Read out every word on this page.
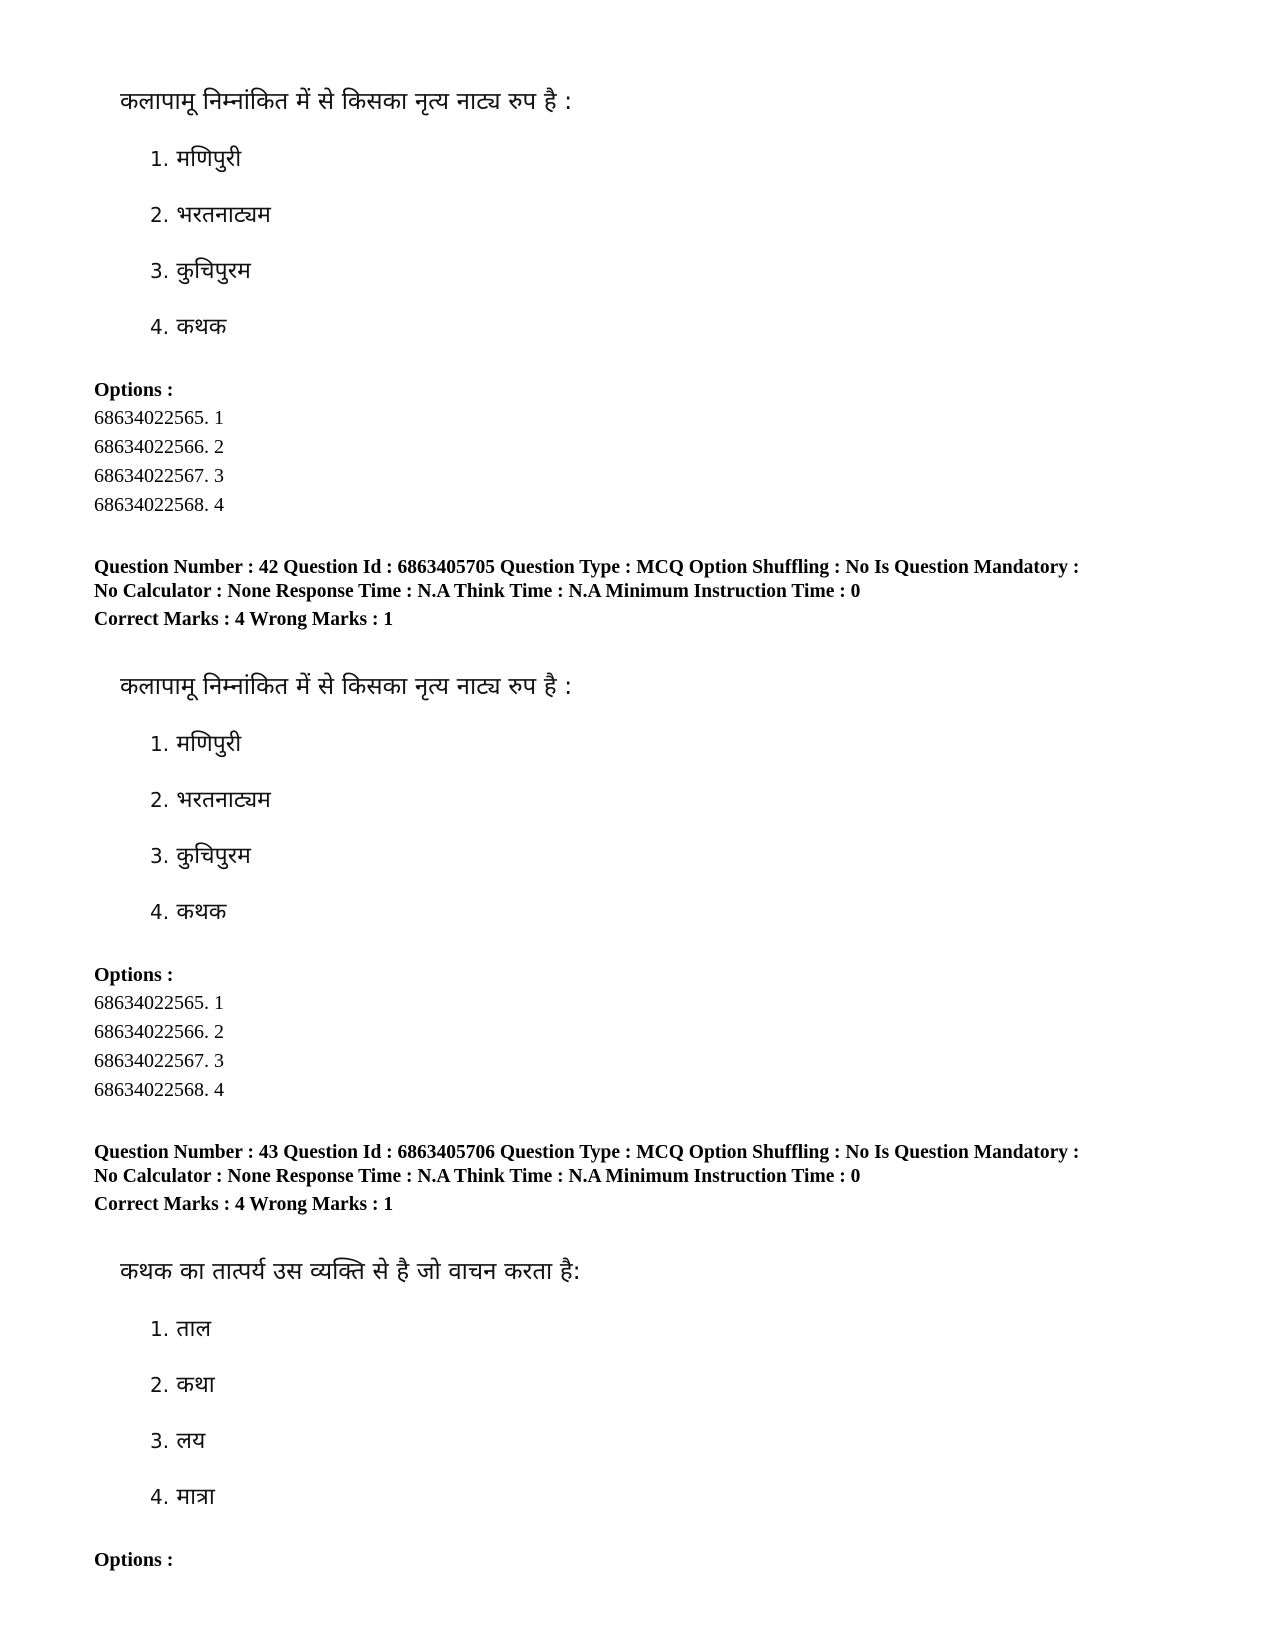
कलापामू निम्नांकित में से किसका नृत्य नाट्य रुप है :
1. मणिपुरी
2. भरतनाट्यम
3. कुचिपुरम
4. कथक
Options :
68634022565. 1
68634022566. 2
68634022567. 3
68634022568. 4
Question Number : 42 Question Id : 6863405705 Question Type : MCQ Option Shuffling : No Is Question Mandatory :
No Calculator : None Response Time : N.A Think Time : N.A Minimum Instruction Time : 0
Correct Marks : 4 Wrong Marks : 1
कलापामू निम्नांकित में से किसका नृत्य नाट्य रुप है :
1. मणिपुरी
2. भरतनाट्यम
3. कुचिपुरम
4. कथक
Options :
68634022565. 1
68634022566. 2
68634022567. 3
68634022568. 4
Question Number : 43 Question Id : 6863405706 Question Type : MCQ Option Shuffling : No Is Question Mandatory :
No Calculator : None Response Time : N.A Think Time : N.A Minimum Instruction Time : 0
Correct Marks : 4 Wrong Marks : 1
कथक का तात्पर्य उस व्यक्ति से है जो वाचन करता है:
1. ताल
2. कथा
3. लय
4. मात्रा
Options :
